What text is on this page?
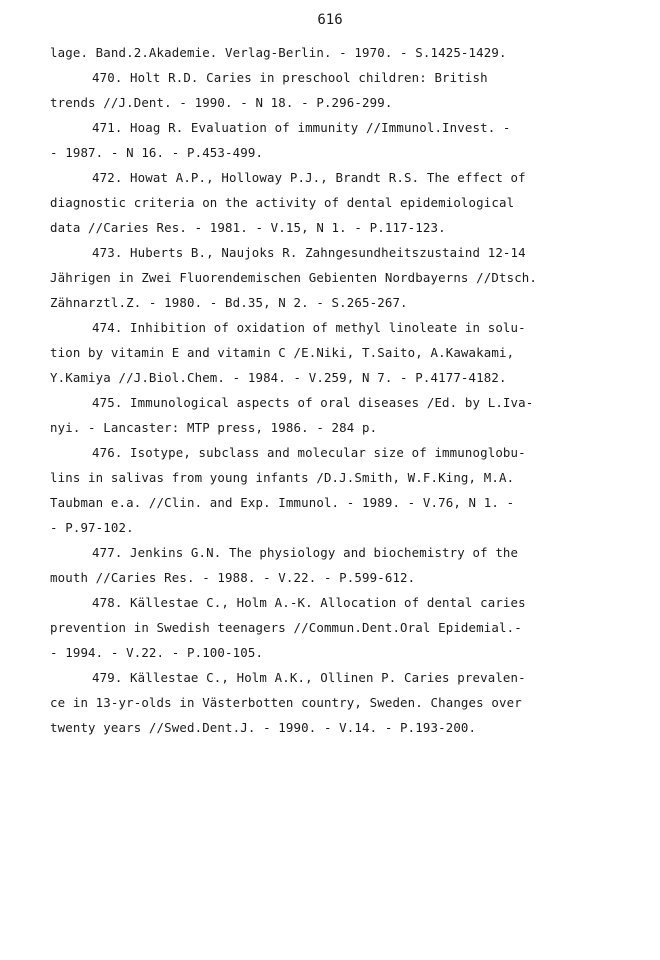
616
lage. Band.2.Akademie. Verlag-Berlin. - 1970. - S.1425-1429.
470. Holt R.D. Caries in preschool children: British
trends //J.Dent. - 1990. - N 18. - P.296-299.
471. Hoag R. Evaluation of immunity //Immunol.Invest. -
- 1987. - N 16. - P.453-499.
472. Howat A.P., Holloway P.J., Brandt R.S. The effect of
diagnostic criteria on the activity of dental epidemiological
data //Caries Res. - 1981. - V.15, N 1. - P.117-123.
473. Huberts B., Naujoks R. Zahngesundheitszustaind 12-14
Jährigen in Zwei Fluorendemischen Gebienten Nordbayerns //Dtsch.
Zähnarztl.Z. - 1980. - Bd.35, N 2. - S.265-267.
474. Inhibition of oxidation of methyl linoleate in solu-
tion by vitamin E and vitamin C /E.Niki, T.Saito, A.Kawakami,
Y.Kamiya //J.Biol.Chem. - 1984. - V.259, N 7. - P.4177-4182.
475. Immunological aspects of oral diseases /Ed. by L.Iva-
nyi. - Lancaster: MTP press, 1986. - 284 p.
476. Isotype, subclass and molecular size of immunoglobu-
lins in salivas from young infants /D.J.Smith, W.F.King, M.A.
Taubman e.a. //Clin. and Exp. Immunol. - 1989. - V.76, N 1. -
- P.97-102.
477. Jenkins G.N. The physiology and biochemistry of the
mouth //Caries Res. - 1988. - V.22. - P.599-612.
478. Källestae C., Holm A.-K. Allocation of dental caries
prevention in Swedish teenagers //Commun.Dent.Oral Epidemial.-
- 1994. - V.22. - P.100-105.
479. Källestae C., Holm A.K., Ollinen P. Caries prevalen-
ce in 13-yr-olds in Västerbotten country, Sweden. Changes over
twenty years //Swed.Dent.J. - 1990. - V.14. - P.193-200.
